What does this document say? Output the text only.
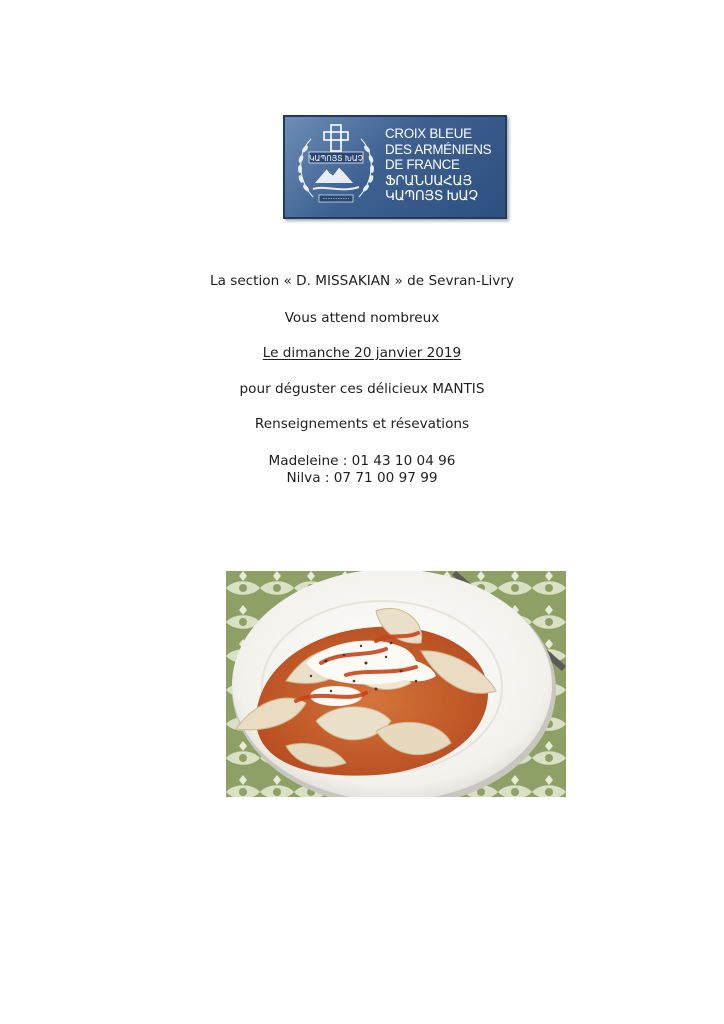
ԿԱՊՈՅՏ ԽԱՉ
CROIX BLEUE
DES ARMÉNIENS
DE FRANCE
ՖՐԱՆՍԱՀԱՅ
ԿԱՊՈՅՏ ԽԱՉ
La section « D. MISSAKIAN » de Sevran-Livry
Vous attend nombreux
Le dimanche 20 janvier 2019
pour déguster ces délicieux MANTIS
Renseignements et résevations
Madeleine : 01 43 10 04 96
Nilva : 07 71 00 97 99
